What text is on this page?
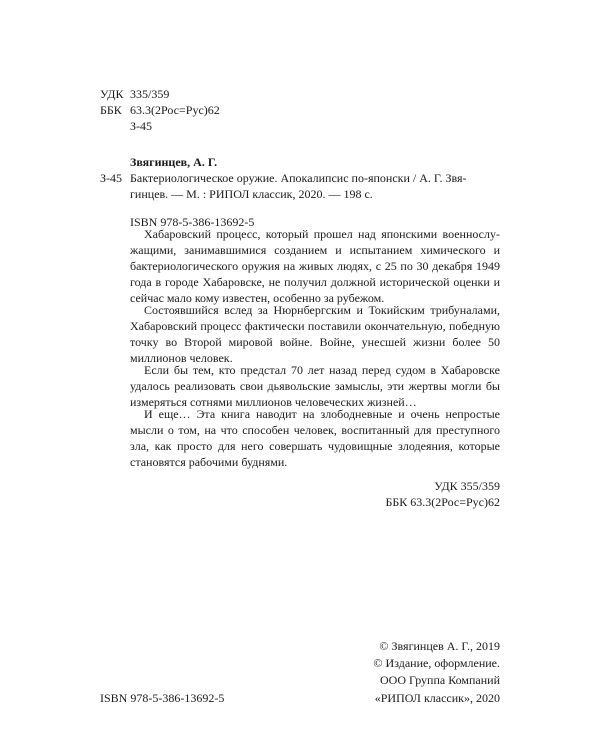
УДК 335/359
ББК 63.3(2Рос=Рус)62
З-45
Звягинцев, А. Г.
З-45 Бактериологическое оружие. Апокалипсис по-японски / А. Г. Звя-
гинцев. — М. : РИПОЛ классик, 2020. — 198 с.
ISBN 978-5-386-13692-5

Хабаровский процесс, который прошел над японскими военнослужащими, занимавшимися созданием и испытанием химического и бактериологического оружия на живых людях, с 25 по 30 декабря 1949 года в городе Хабаровске, не получил должной исторической оценки и сейчас мало кому известен, особенно за рубежом.

Состоявшийся вслед за Нюрнбергским и Токийским трибуналами, Хабаровский процесс фактически поставили окончательную, победную точку во Второй мировой войне. Войне, унесшей жизни более 50 миллионов человек.

Если бы тем, кто предстал 70 лет назад перед судом в Хабаровске удалось реализовать свои дьявольские замыслы, эти жертвы могли бы измеряться сотнями миллионов человеческих жизней…

И еще… Эта книга наводит на злободневные и очень непростые мысли о том, на что способен человек, воспитанный для преступного зла, как просто для него совершать чудовищные злодеяния, которые становятся рабочими буднями.

УДК 355/359
ББК 63.3(2Рос=Рус)62
ISBN 978-5-386-13692-5
© Звягинцев А. Г., 2019
© Издание, оформление.
ООО Группа Компаний
«РИПОЛ классик», 2020
